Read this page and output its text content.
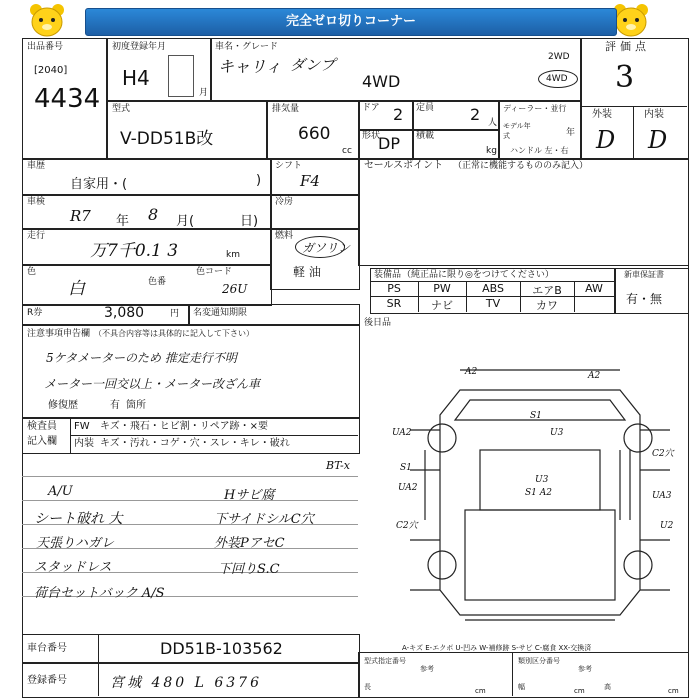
完全ゼロ切りコーナー
出品番号
[2040]
4434
初度登録年月
H4
月
車名・グレード
キャリィ ダンプ
4WD
2WD
4WD
評価点
3
外装	内装
D D
型式
V-DD51B改
排気量
660
cc
ドア 2 定員 2 人
形状
DP 積載
kg
ディーラー・並行
モデル年式	年
ハンドル 左・右
車歴
自家用・(	)
シフト
F4
車検
R7 年 8 月(	日)
冷房
走行
万7千0.1 3	km
燃料
ガソリン
軽 油
色
白	色番
色コード
26U
R券	3,080	円 名変通知期限
セールスポイント （正常に機能するもののみ記入）
装備品 （純正品に限り◎をつけてください）
PS	PW	ABS	エアB	AW
SR	ナビ	TV	カワ
新車保証書
有・無
後日品
注意事項申告欄 （不具合内容等は具体的に記入して下さい）
5ケタメーターのため 推定走行不明
メーター一回交以上・メーター改ざん車
修復歴	有 箇所
検査員
記入欄
FW キズ・飛石・ヒビ割・リペア跡・×要
内装 キズ・汚れ・コゲ・穴・スレ・キレ・破れ
BT-x
A/U
シート破れ 大
天張りハガレ
スタッドレス
荷台セットバック A/S
Hサビ腐
下サイドシルC穴
外装PアセC
下回りS.C
A2	A2
UA2
S1
U3
S1
UA2
C2穴
U3
S1 A2
C2穴
UA3
U2
A-キズ E-エクボ U-凹み W-補修跡 S-サビ C-腐食 XX-交換済
車台番号	DD51B-103562
登録番号	宮城 480 L 6376
型式指定番号
参考
類別区分番号
参考
長	cm	幅	cm	高	cm
